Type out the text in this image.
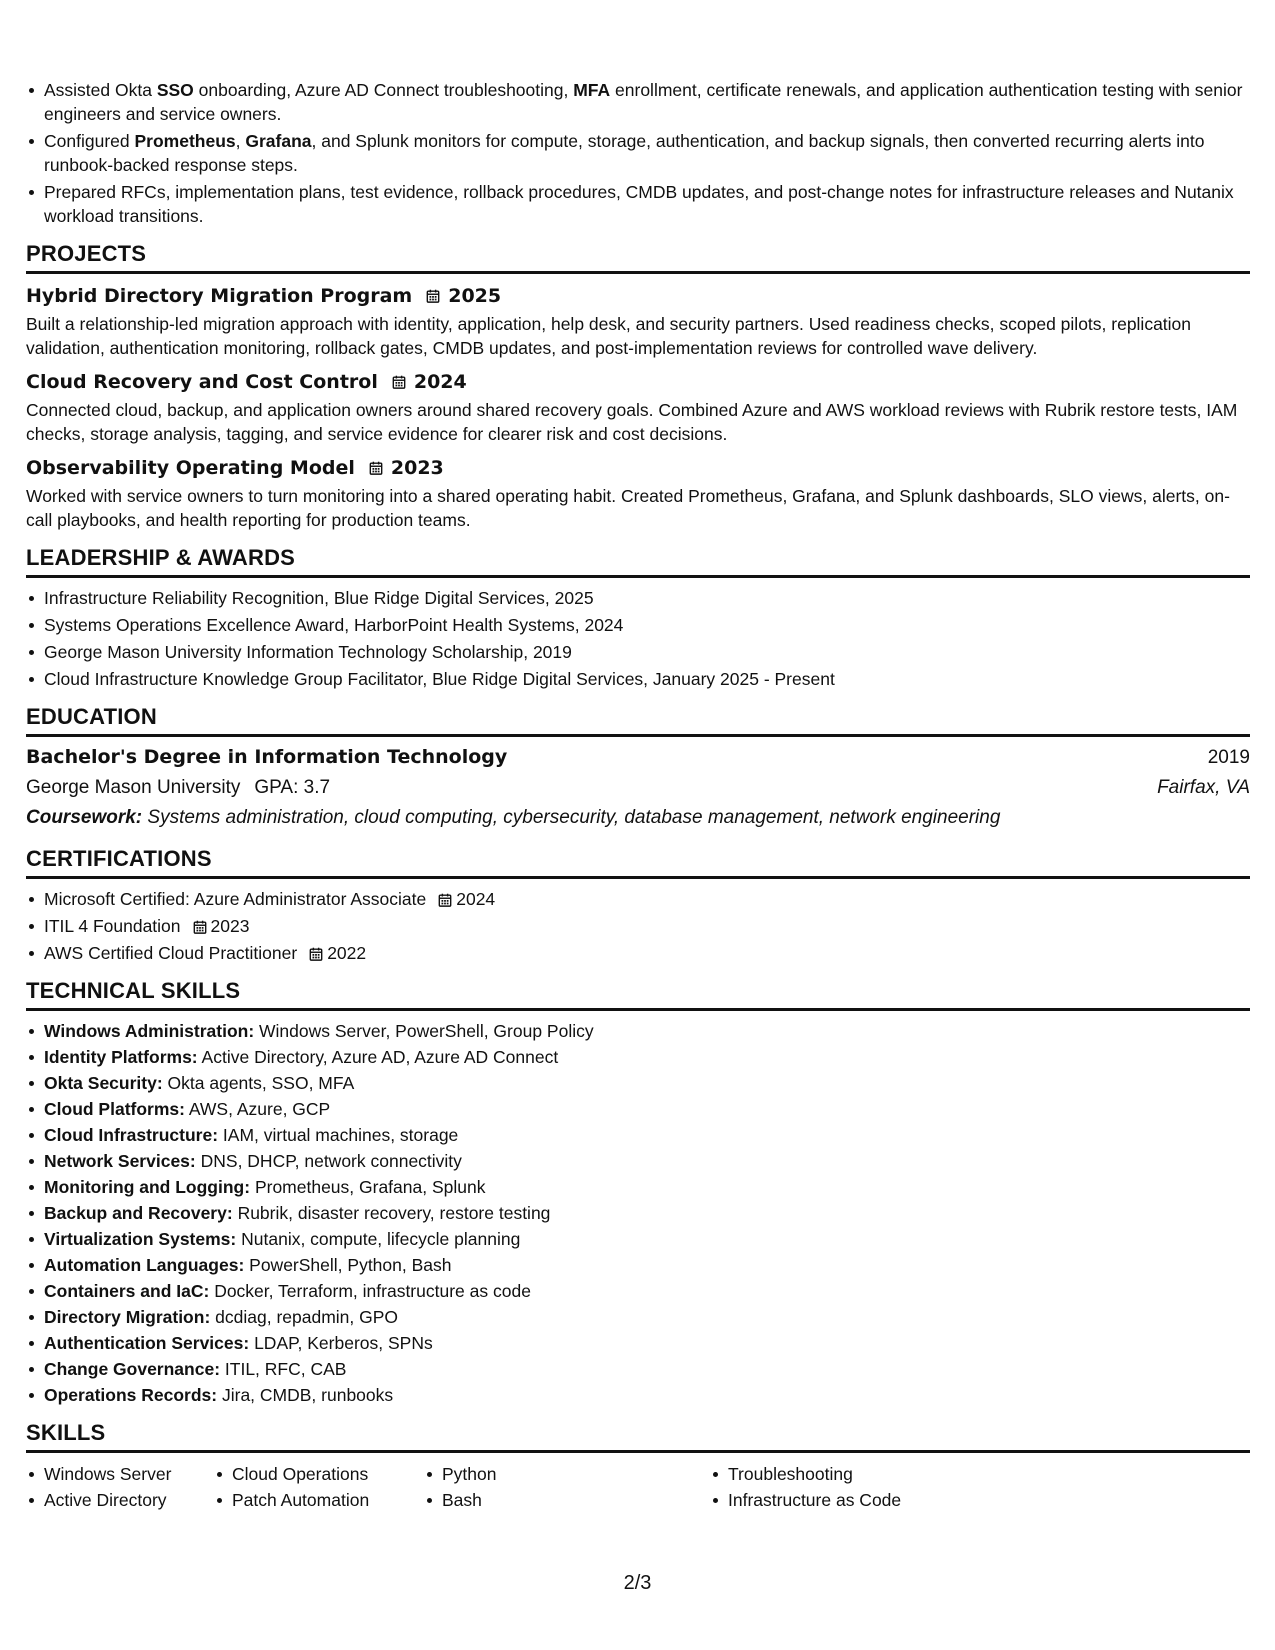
Assisted Okta SSO onboarding, Azure AD Connect troubleshooting, MFA enrollment, certificate renewals, and application authentication testing with senior engineers and service owners.
Configured Prometheus, Grafana, and Splunk monitors for compute, storage, authentication, and backup signals, then converted recurring alerts into runbook-backed response steps.
Prepared RFCs, implementation plans, test evidence, rollback procedures, CMDB updates, and post-change notes for infrastructure releases and Nutanix workload transitions.
PROJECTS
Hybrid Directory Migration Program 2025
Built a relationship-led migration approach with identity, application, help desk, and security partners. Used readiness checks, scoped pilots, replication validation, authentication monitoring, rollback gates, CMDB updates, and post-implementation reviews for controlled wave delivery.
Cloud Recovery and Cost Control 2024
Connected cloud, backup, and application owners around shared recovery goals. Combined Azure and AWS workload reviews with Rubrik restore tests, IAM checks, storage analysis, tagging, and service evidence for clearer risk and cost decisions.
Observability Operating Model 2023
Worked with service owners to turn monitoring into a shared operating habit. Created Prometheus, Grafana, and Splunk dashboards, SLO views, alerts, on-call playbooks, and health reporting for production teams.
LEADERSHIP & AWARDS
Infrastructure Reliability Recognition, Blue Ridge Digital Services, 2025
Systems Operations Excellence Award, HarborPoint Health Systems, 2024
George Mason University Information Technology Scholarship, 2019
Cloud Infrastructure Knowledge Group Facilitator, Blue Ridge Digital Services, January 2025 - Present
EDUCATION
Bachelor's Degree in Information Technology	2019
George Mason University GPA: 3.7	Fairfax, VA
Coursework: Systems administration, cloud computing, cybersecurity, database management, network engineering
CERTIFICATIONS
Microsoft Certified: Azure Administrator Associate 2024
ITIL 4 Foundation 2023
AWS Certified Cloud Practitioner 2022
TECHNICAL SKILLS
Windows Administration: Windows Server, PowerShell, Group Policy
Identity Platforms: Active Directory, Azure AD, Azure AD Connect
Okta Security: Okta agents, SSO, MFA
Cloud Platforms: AWS, Azure, GCP
Cloud Infrastructure: IAM, virtual machines, storage
Network Services: DNS, DHCP, network connectivity
Monitoring and Logging: Prometheus, Grafana, Splunk
Backup and Recovery: Rubrik, disaster recovery, restore testing
Virtualization Systems: Nutanix, compute, lifecycle planning
Automation Languages: PowerShell, Python, Bash
Containers and IaC: Docker, Terraform, infrastructure as code
Directory Migration: dcdiag, repadmin, GPO
Authentication Services: LDAP, Kerberos, SPNs
Change Governance: ITIL, RFC, CAB
Operations Records: Jira, CMDB, runbooks
SKILLS
Windows Server
Active Directory
Cloud Operations
Patch Automation
Python
Bash
Troubleshooting
Infrastructure as Code
2/3
